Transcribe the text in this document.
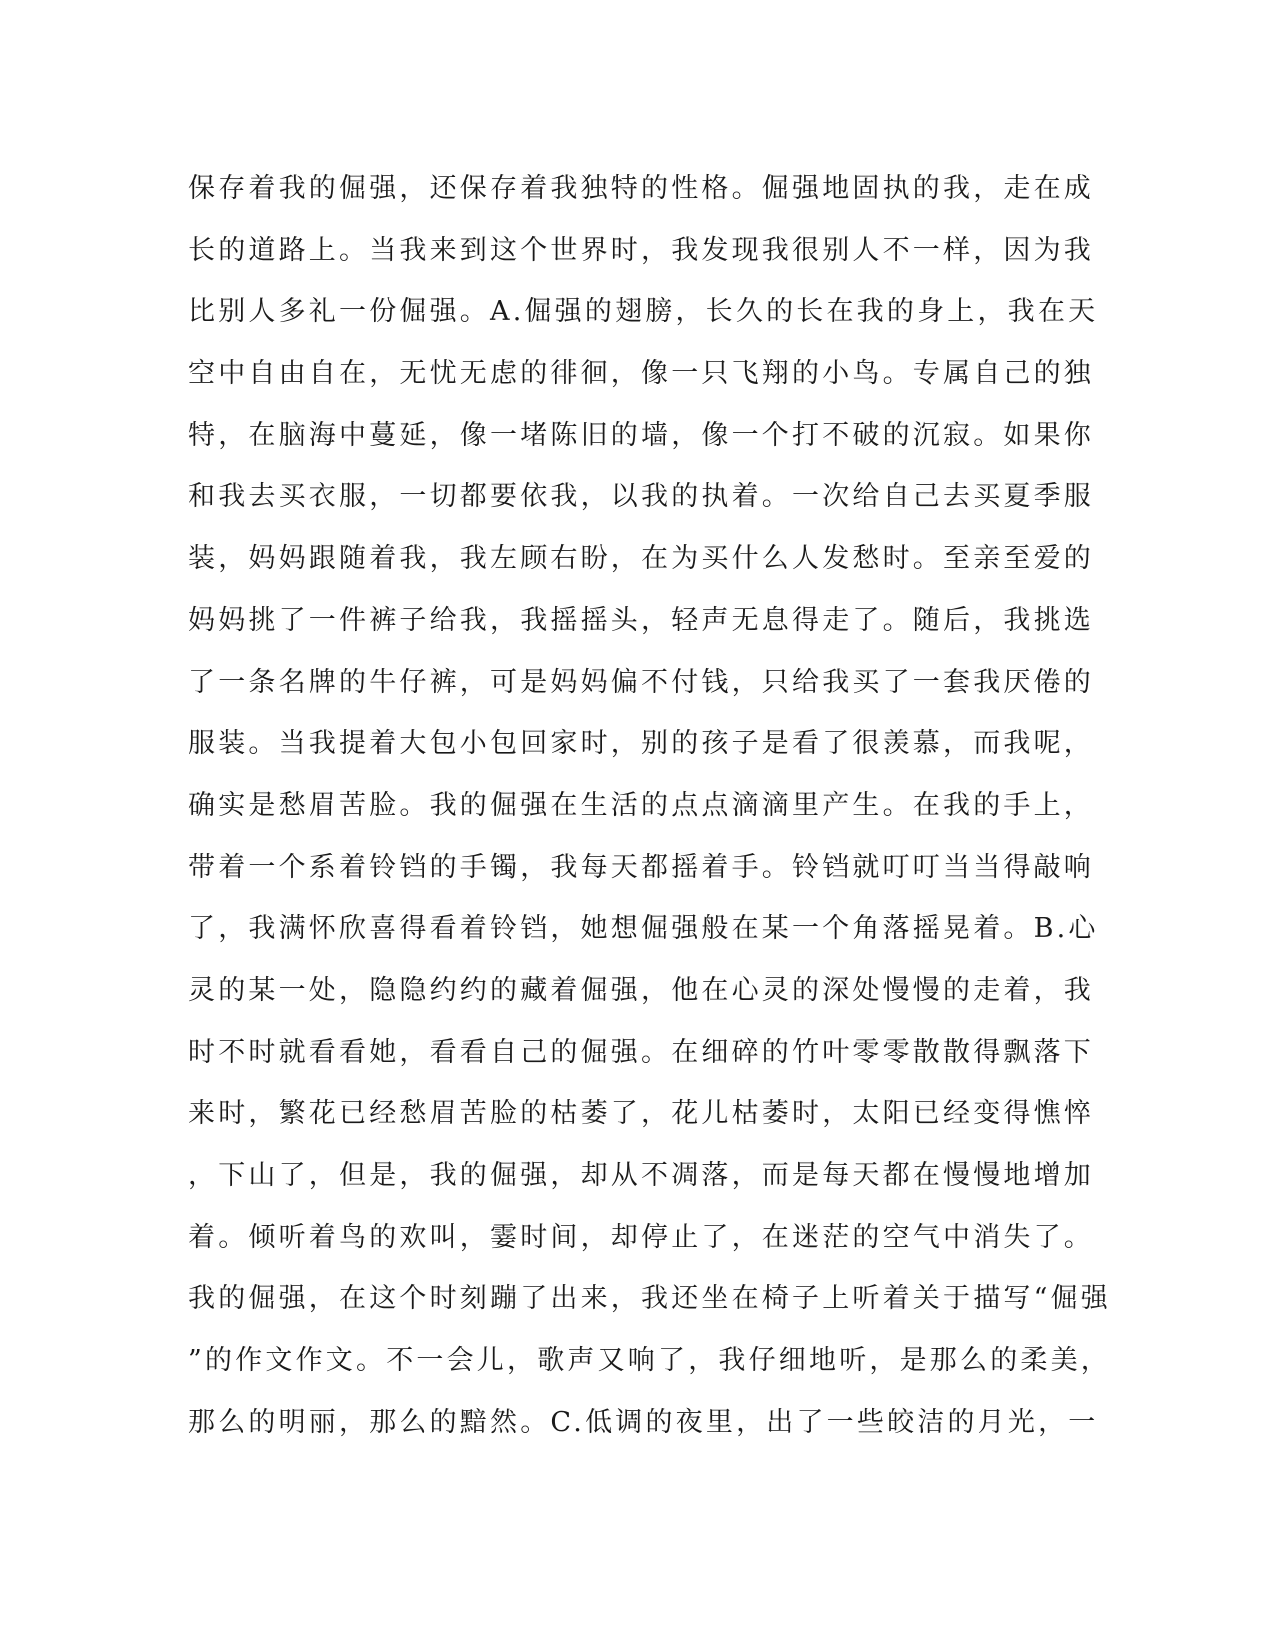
保存着我的倔强，还保存着我独特的性格。倔强地固执的我，走在成
长的道路上。当我来到这个世界时，我发现我很别人不一样，因为我
比别人多礼一份倔强。A.倔强的翅膀，长久的长在我的身上，我在天
空中自由自在，无忧无虑的徘徊，像一只飞翔的小鸟。专属自己的独
特，在脑海中蔓延，像一堵陈旧的墙，像一个打不破的沉寂。如果你
和我去买衣服，一切都要依我，以我的执着。一次给自己去买夏季服
装，妈妈跟随着我，我左顾右盼，在为买什么人发愁时。至亲至爱的
妈妈挑了一件裤子给我，我摇摇头，轻声无息得走了。随后，我挑选
了一条名牌的牛仔裤，可是妈妈偏不付钱，只给我买了一套我厌倦的
服装。当我提着大包小包回家时，别的孩子是看了很羡慕，而我呢，
确实是愁眉苦脸。我的倔强在生活的点点滴滴里产生。在我的手上，
带着一个系着铃铛的手镯，我每天都摇着手。铃铛就叮叮当当得敲响
了，我满怀欣喜得看着铃铛，她想倔强般在某一个角落摇晃着。B.心
灵的某一处，隐隐约约的藏着倔强，他在心灵的深处慢慢的走着，我
时不时就看看她，看看自己的倔强。在细碎的竹叶零零散散得飘落下
来时，繁花已经愁眉苦脸的枯萎了，花儿枯萎时，太阳已经变得憔悴
，下山了，但是，我的倔强，却从不凋落，而是每天都在慢慢地增加
着。倾听着鸟的欢叫，霎时间，却停止了，在迷茫的空气中消失了。
我的倔强，在这个时刻蹦了出来，我还坐在椅子上听着关于描写“倔强
”的作文作文。不一会儿，歌声又响了，我仔细地听，是那么的柔美，
那么的明丽，那么的黯然。C.低调的夜里，出了一些皎洁的月光，一
